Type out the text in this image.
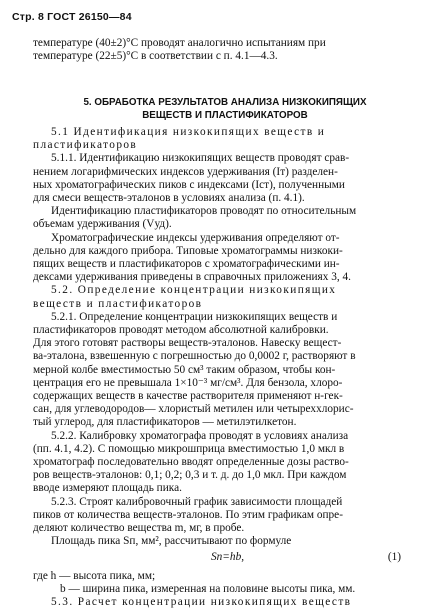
Стр. 8 ГОСТ 26150—84
температуре (40±2)°С проводят аналогично испытаниям при
температуре (22±5)°С в соответствии с п. 4.1—4.3.
5. ОБРАБОТКА РЕЗУЛЬТАТОВ АНАЛИЗА НИЗКОКИПЯЩИХ
ВЕЩЕСТВ И ПЛАСТИФИКАТОРОВ
5.1 Идентификация низкокипящих веществ и
пластификаторов
5.1.1. Идентификацию низкокипящих веществ проводят срав-
нением логарифмических индексов удерживания (Iт) разделен-
ных хроматографических пиков с индексами (Iст), полученными
для смеси веществ-эталонов в условиях анализа (п. 4.1).
Идентификацию пластификаторов проводят по относительным
объемам удерживания (Vуд).
Хроматографические индексы удерживания определяют от-
дельно для каждого прибора. Типовые хроматограммы низкоки-
пящих веществ и пластификаторов с хроматографическими ин-
дексами удерживания приведены в справочных приложениях 3, 4.
5.2. Определение концентрации низкокипящих
веществ и пластификаторов
5.2.1. Определение концентрации низкокипящих веществ и
пластификаторов проводят методом абсолютной калибровки.
Для этого готовят растворы веществ-эталонов. Навеску вещест-
ва-эталона, взвешенную с погрешностью до 0,0002 г, растворяют в
мерной колбе вместимостью 50 см³ таким образом, чтобы кон-
центрация его не превышала 1×10⁻³ мг/см³. Для бензола, хлоро-
содержащих веществ в качестве растворителя применяют н-гек-
сан, для углеводородов— хлористый метилен или четыреххлорис-
тый углерод, для пластификаторов — метилэтилкетон.
5.2.2. Калибровку хроматографа проводят в условиях анализа
(пп. 4.1, 4.2). С помощью микрошприца вместимостью 1,0 мкл в
хроматограф последовательно вводят определенные дозы раство-
ров веществ-эталонов: 0,1; 0,2; 0,3 и т. д. до 1,0 мкл. При каждом
вводе измеряют площадь пика.
5.2.3. Строят калибровочный график зависимости площадей
пиков от количества веществ-эталонов. По этим графикам опре-
деляют количество вещества m, мг, в пробе.
Площадь пика Sп, мм², рассчитывают по формуле
Sп=hb,	(1)
где h — высота пика, мм;
b — ширина пика, измеренная на половине высоты пика, мм.
5.3. Расчет концентрации низкокипящих веществ
